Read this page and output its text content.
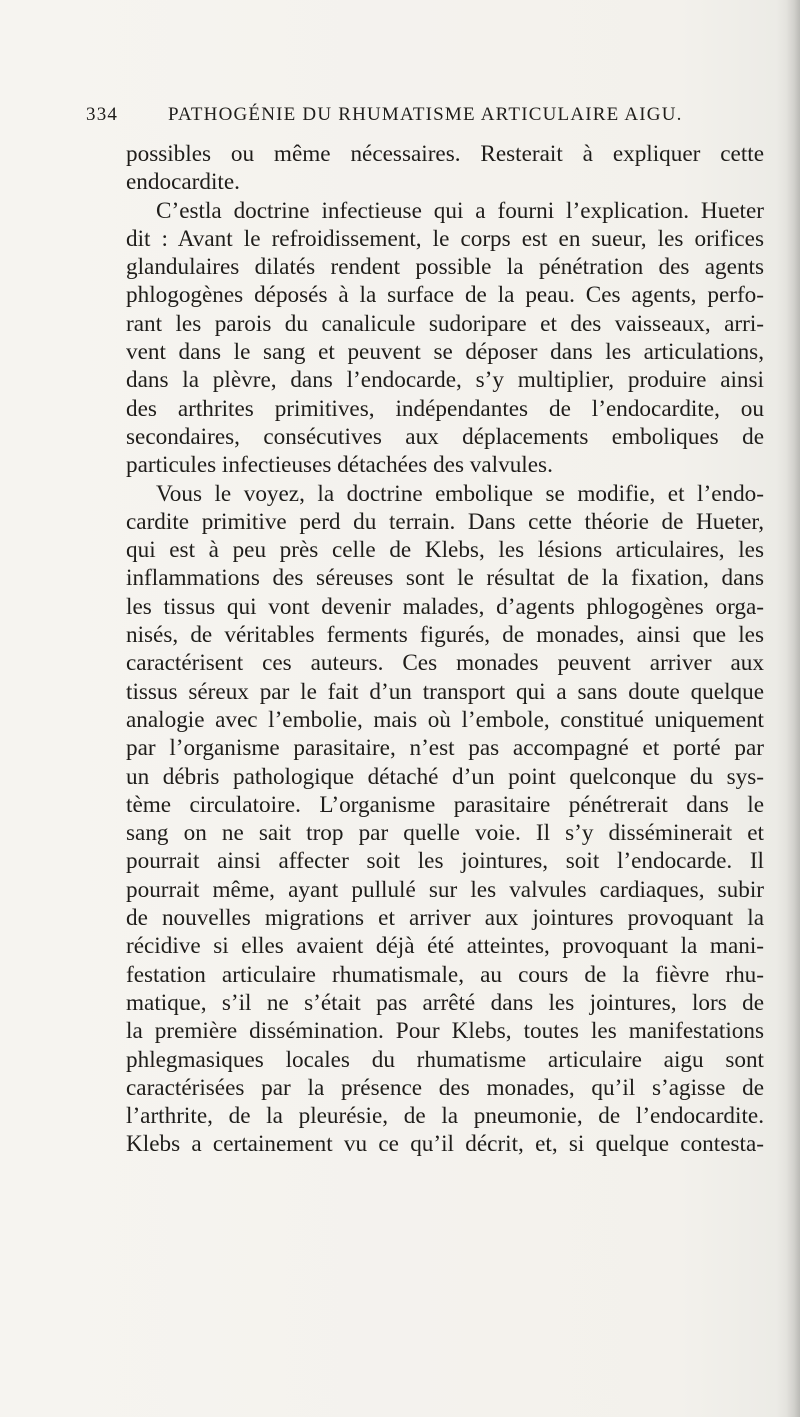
334	PATHOGÉNIE DU RHUMATISME ARTICULAIRE AIGU.
possibles ou même nécessaires. Resterait à expliquer cette
endocardite.
C’estla doctrine infectieuse qui a fourni l’explication. Hueter
dit : Avant le refroidissement, le corps est en sueur, les orifices
glandulaires dilatés rendent possible la pénétration des agents
phlogogènes déposés à la surface de la peau. Ces agents, perfo-
rant les parois du canalicule sudoripare et des vaisseaux, arri-
vent dans le sang et peuvent se déposer dans les articulations,
dans la plèvre, dans l’endocarde, s’y multiplier, produire ainsi
des arthrites primitives, indépendantes de l’endocardite, ou
secondaires, consécutives aux déplacements emboliques de
particules infectieuses détachées des valvules.
Vous le voyez, la doctrine embolique se modifie, et l’endo-
cardite primitive perd du terrain. Dans cette théorie de Hueter,
qui est à peu près celle de Klebs, les lésions articulaires, les
inflammations des séreuses sont le résultat de la fixation, dans
les tissus qui vont devenir malades, d’agents phlogogènes orga-
nisés, de véritables ferments figurés, de monades, ainsi que les
caractérisent ces auteurs. Ces monades peuvent arriver aux
tissus séreux par le fait d’un transport qui a sans doute quelque
analogie avec l’embolie, mais où l’embole, constitué uniquement
par l’organisme parasitaire, n’est pas accompagné et porté par
un débris pathologique détaché d’un point quelconque du sys-
tème circulatoire. L’organisme parasitaire pénétrerait dans le
sang on ne sait trop par quelle voie. Il s’y disséminerait et
pourrait ainsi affecter soit les jointures, soit l’endocarde. Il
pourrait même, ayant pullulé sur les valvules cardiaques, subir
de nouvelles migrations et arriver aux jointures provoquant la
récidive si elles avaient déjà été atteintes, provoquant la mani-
festation articulaire rhumatismale, au cours de la fièvre rhu-
matique, s’il ne s’était pas arrêté dans les jointures, lors de
la première dissémination. Pour Klebs, toutes les manifestations
phlegmasiques locales du rhumatisme articulaire aigu sont
caractérisées par la présence des monades, qu’il s’agisse de
l’arthrite, de la pleurésie, de la pneumonie, de l’endocardite.
Klebs a certainement vu ce qu’il décrit, et, si quelque contesta-
